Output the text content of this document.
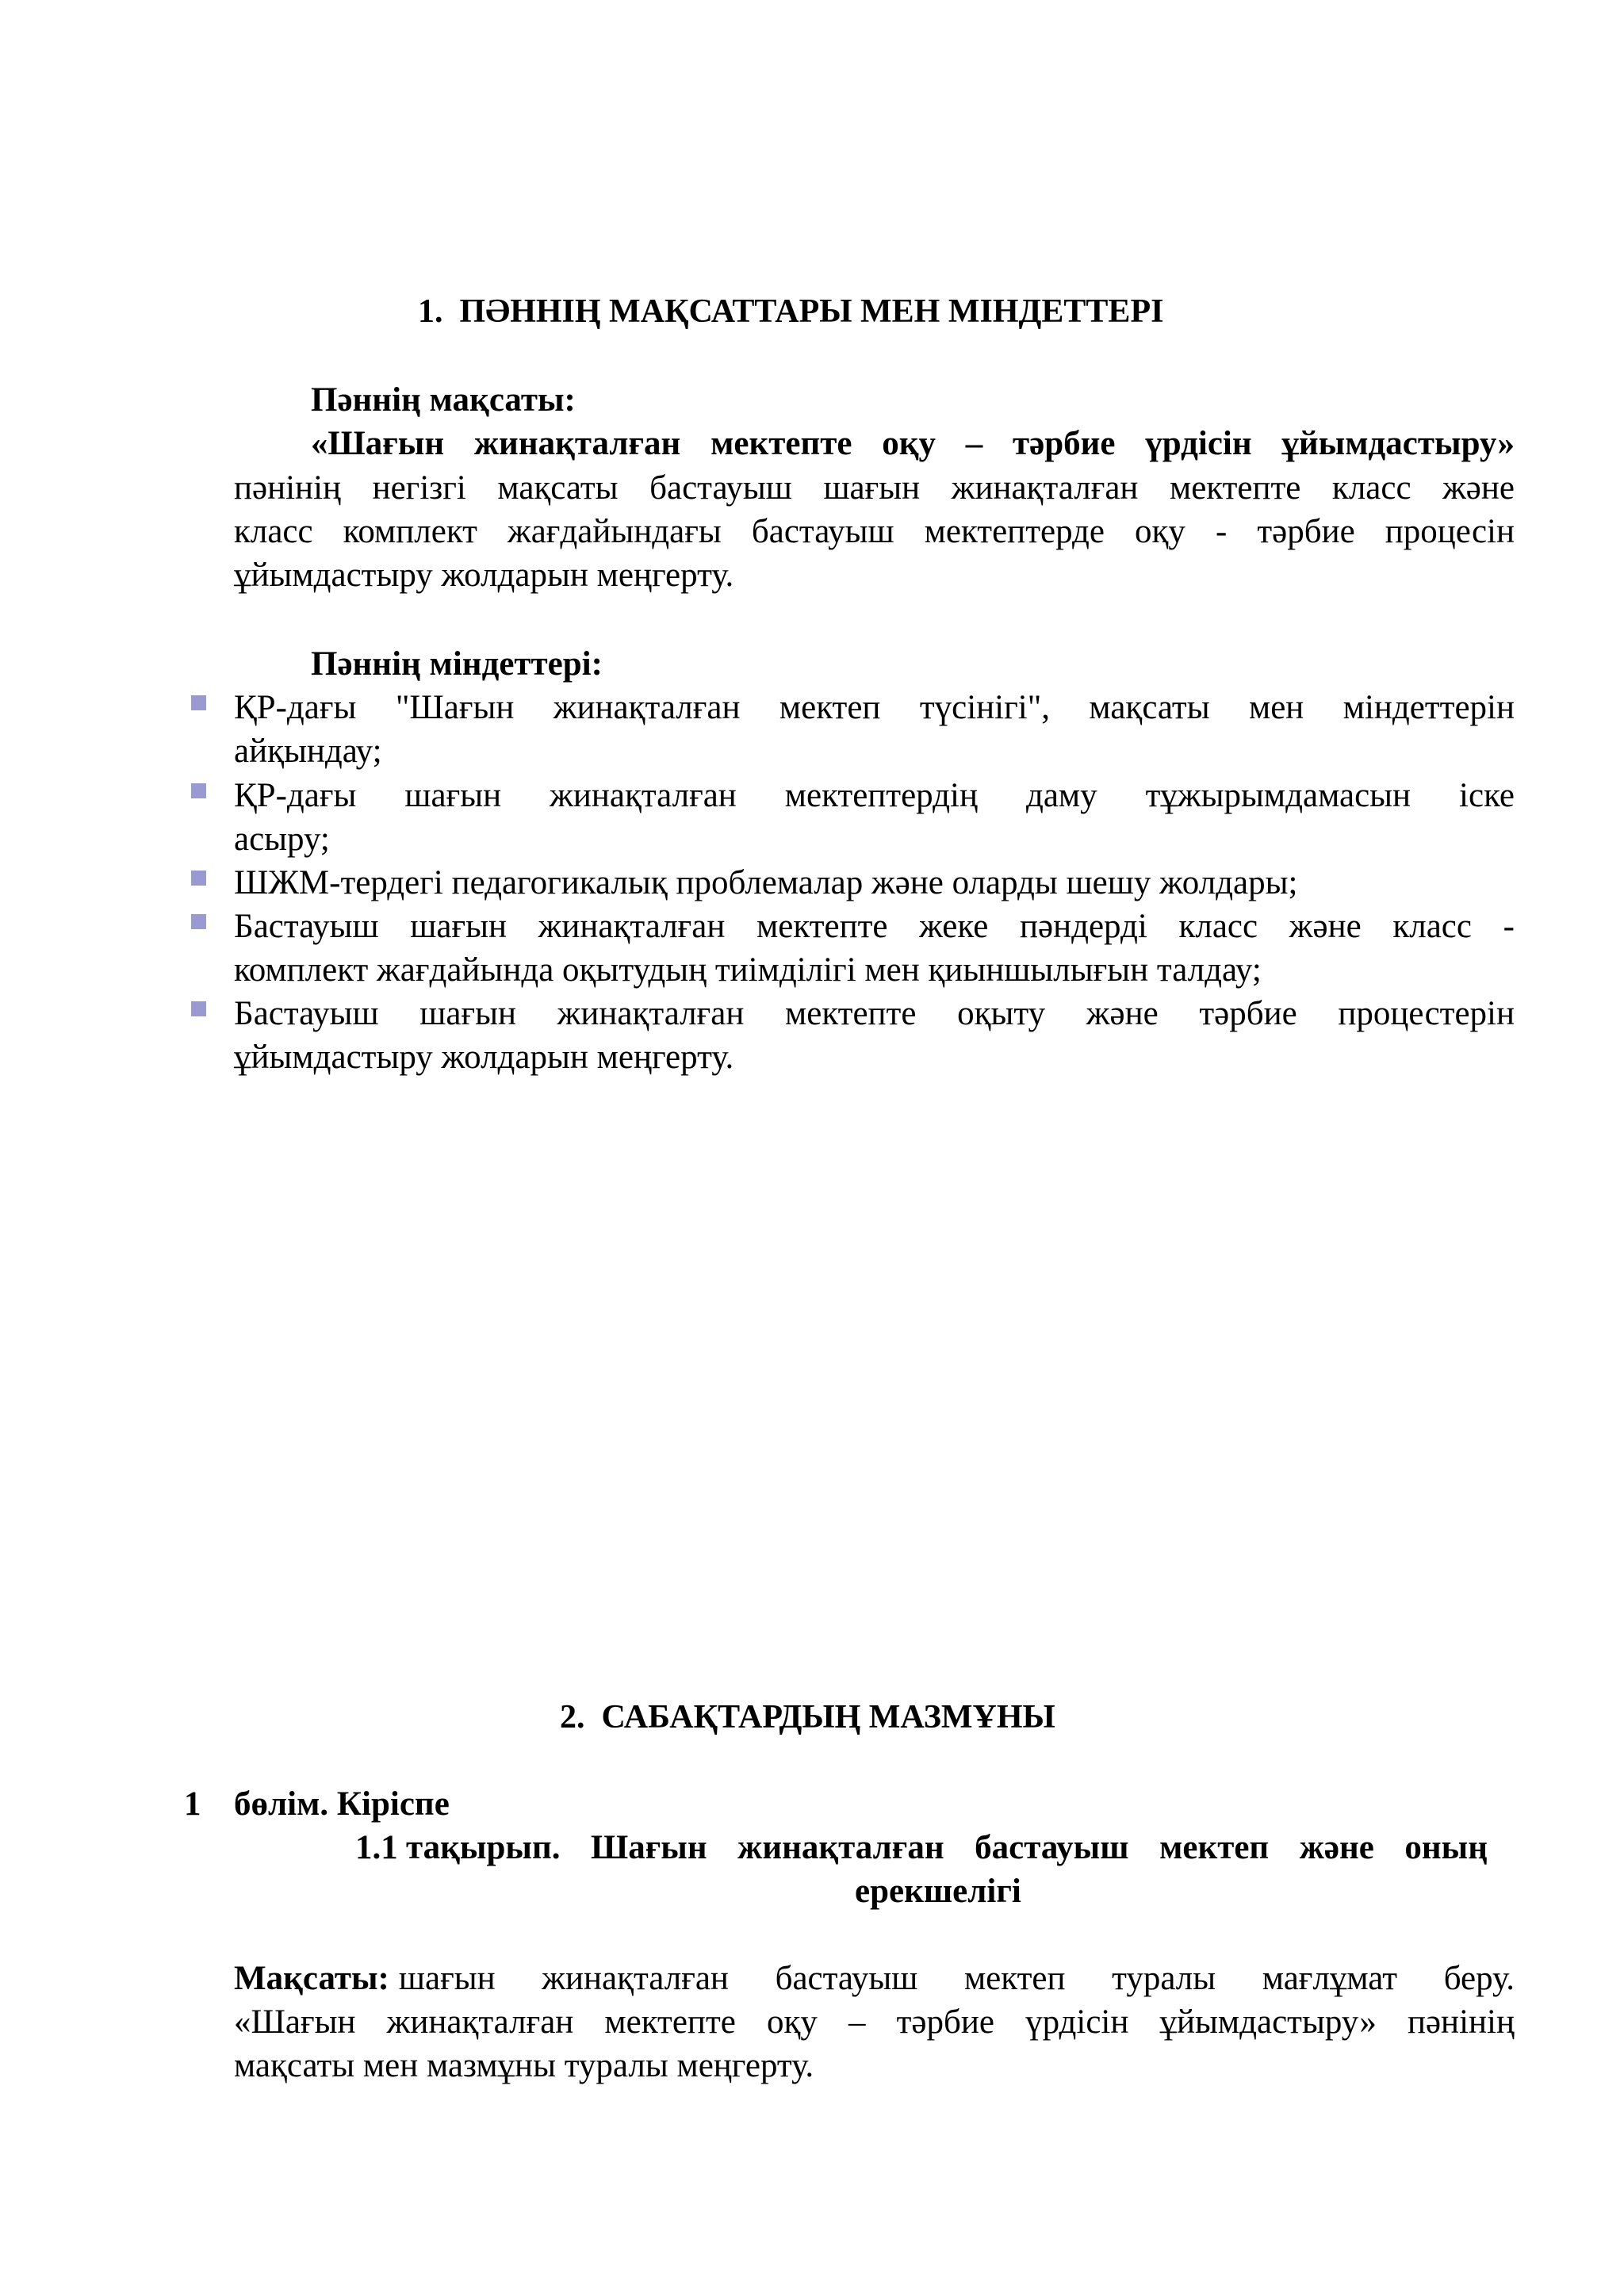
1. ПӘННІҢ МАҚСАТТАРЫ МЕН МІНДЕТТЕРІ
Пәннің мақсаты:
«Шағын жинақталған мектепте оқу – тәрбие үрдісін ұйымдастыру»
пәнінің негізгі мақсаты бастауыш шағын жинақталған мектепте класс және
класс комплект жағдайындағы бастауыш мектептерде оқу - тәрбие процесін
ұйымдастыру жолдарын меңгерту.
Пәннің міндеттері:
ҚР-дағы "Шағын жинақталған мектеп түсінігі", мақсаты мен міндеттерін
айқындау;
ҚР-дағы шағын жинақталған мектептердің даму тұжырымдамасын іске
асыру;
ШЖМ-тердегі педагогикалық проблемалар және оларды шешу жолдары;
Бастауыш шағын жинақталған мектепте жеке пәндерді класс және класс -
комплект жағдайында оқытудың тиімділігі мен қиыншылығын талдау;
Бастауыш шағын жинақталған мектепте оқыту және тәрбие процестерін
ұйымдастыру жолдарын меңгерту.
2. САБАҚТАРДЫҢ МАЗМҰНЫ
1 бөлім. Кіріспе
1.1 тақырып. Шағын жинақталған бастауыш мектеп және оның
ерекшелігі
Мақсаты: шағын жинақталған бастауыш мектеп туралы мағлұмат беру.
«Шағын жинақталған мектепте оқу – тәрбие үрдісін ұйымдастыру» пәнінің
мақсаты мен мазмұны туралы меңгерту.
